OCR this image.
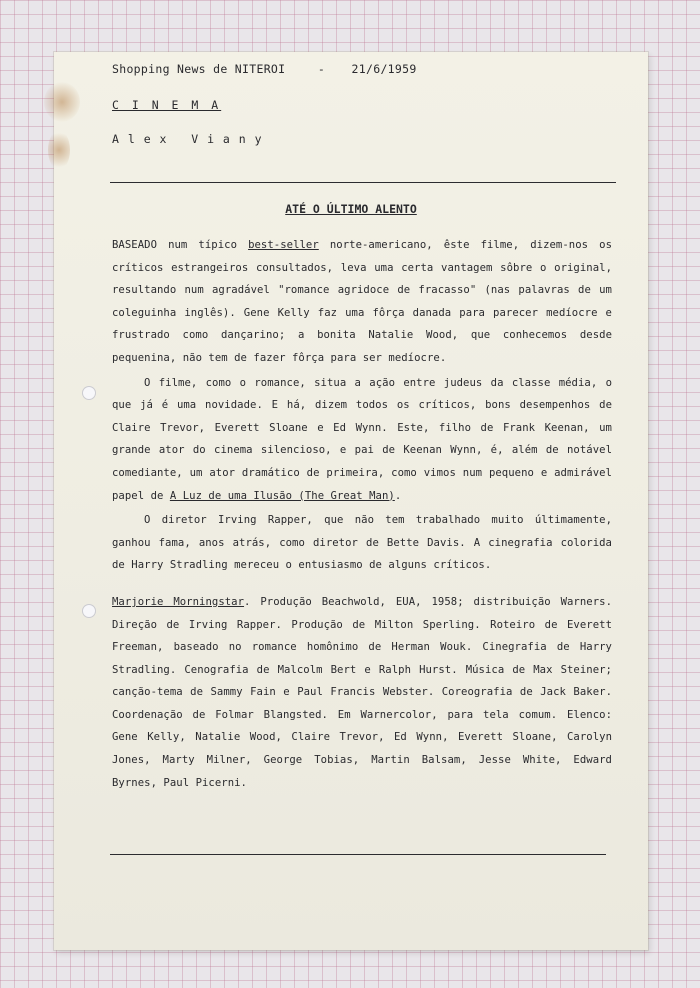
Shopping News de NITEROI	- 21/6/1959
C I N E M A
A l e x   V i a n y
ATÉ O ÚLTIMO ALENTO

BASEADO num típico best-seller norte-americano, êste filme, dizem-nos os críticos estrangeiros consultados, leva uma certa vantagem sôbre o original, resultando num agradável "romance agridoce de fracasso" (nas palavras de um coleguinha inglês). Gene Kelly faz uma fôrça danada para parecer medíocre e frustrado como dançarino; a bonita Natalie Wood, que conhecemos desde pequenina, não tem de fazer fôrça para ser medíocre.

O filme, como o romance, situa a ação entre judeus da classe média, o que já é uma novidade. E há, dizem todos os críticos, bons desempenhos de Claire Trevor, Everett Sloane e Ed Wynn. Este, filho de Frank Keenan, um grande ator do cinema silencioso, e pai de Keenan Wynn, é, além de notável comediante, um ator dramático de primeira, como vimos num pequeno e admirável papel de A Luz de uma Ilusão (The Great Man).

O diretor Irving Rapper, que não tem trabalhado muito últimamente, ganhou fama, anos atrás, como diretor de Bette Davis. A cinegrafia colorida de Harry Stradling mereceu o entusiasmo de alguns críticos.

Marjorie Morningstar. Produção Beachwold, EUA, 1958; distribuição Warners. Direção de Irving Rapper. Produção de Milton Sperling. Roteiro de Everett Freeman, baseado no romance homônimo de Herman Wouk. Cinegrafia de Harry Stradling. Cenografia de Malcolm Bert e Ralph Hurst. Música de Max Steiner; canção-tema de Sammy Fain e Paul Francis Webster. Coreografia de Jack Baker. Coordenação de Folmar Blangsted. Em Warnercolor, para tela comum. Elenco: Gene Kelly, Natalie Wood, Claire Trevor, Ed Wynn, Everett Sloane, Carolyn Jones, Marty Milner, George Tobias, Martin Balsam, Jesse White, Edward Byrnes, Paul Picerni.
